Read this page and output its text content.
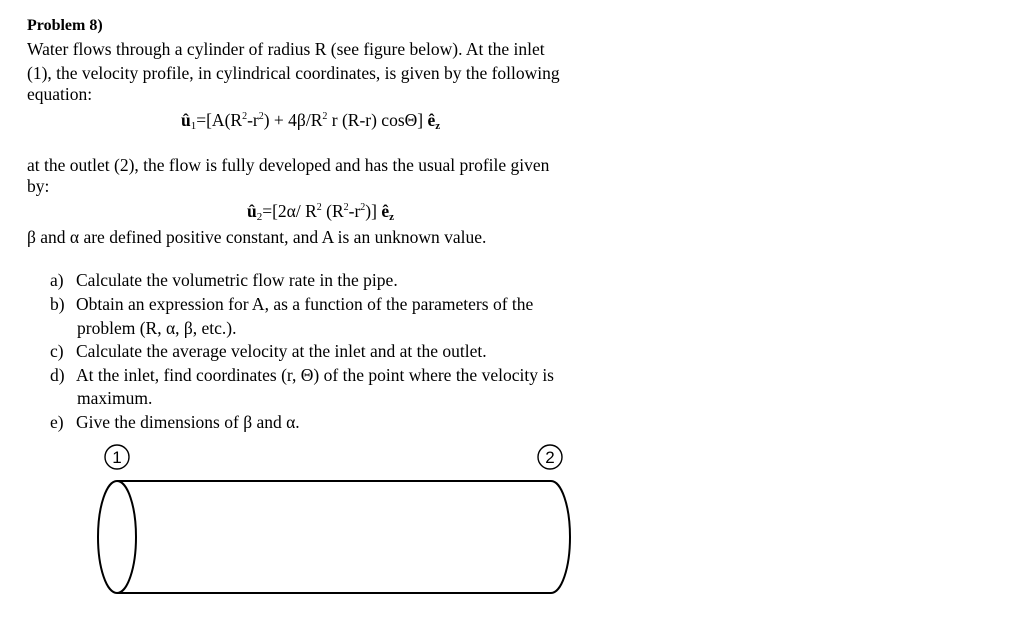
Problem 8)
Water flows through a cylinder of radius R (see figure below). At the inlet
(1), the velocity profile, in cylindrical coordinates, is given by the following
equation:
$û_1=[A(R^2-r^2) + 4\beta/R^2$ r (R-r) cosΘ] $ê_z$
at the outlet (2), the flow is fully developed and has the usual profile given
by:
$û_2=[2\alpha/$ $R^2$ $(R^2-r^2)$] $ê_z$
β and α are defined positive constant, and A is an unknown value.
a) Calculate the volumetric flow rate in the pipe.
b) Obtain an expression for A, as a function of the parameters of the
problem (R, α, β, etc.).
c) Calculate the average velocity at the inlet and at the outlet.
d) At the inlet, find coordinates (r, Θ) of the point where the velocity is
maximum.
e) Give the dimensions of β and α.
1	2
